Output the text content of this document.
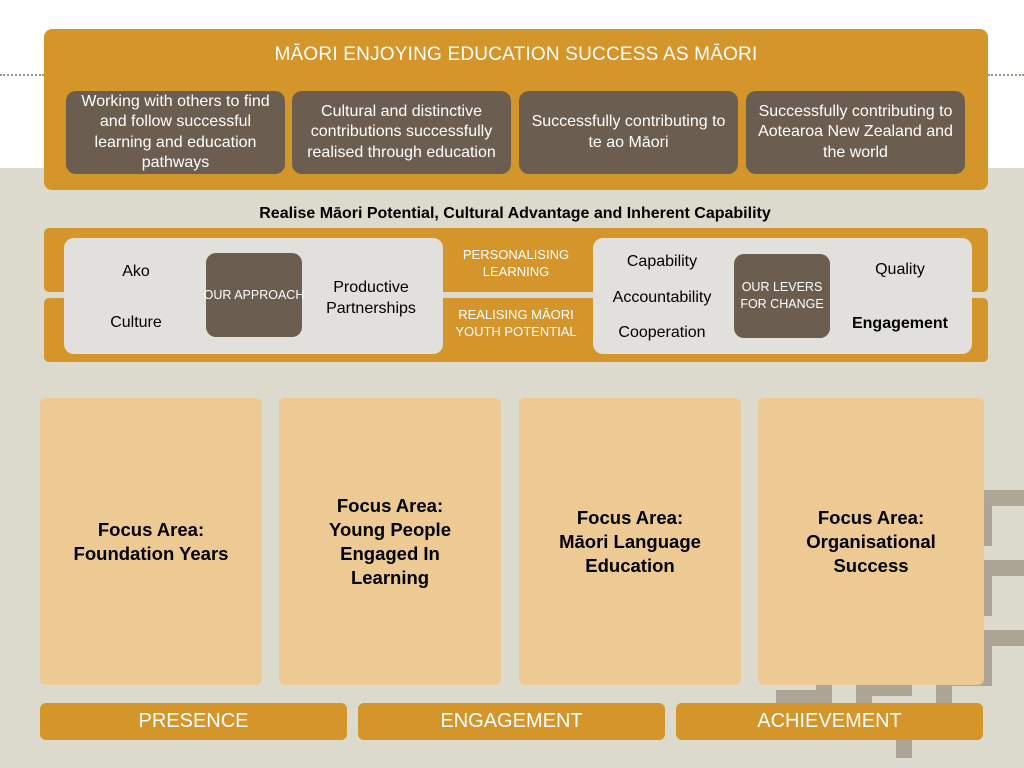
MĀORI ENJOYING EDUCATION SUCCESS AS MĀORI
Working with others to find and follow successful learning and education pathways
Cultural and distinctive contributions successfully realised through education
Successfully contributing to te ao Māori
Successfully contributing to Aotearoa New Zealand and the world
Realise Māori Potential, Cultural Advantage and Inherent Capability
Ako
Culture
Productive Partnerships
OUR APPROACH
PERSONALISING LEARNING
REALISING MĀORI YOUTH POTENTIAL
Capability
Accountability
Cooperation
Quality
Engagement
OUR LEVERS FOR CHANGE
Focus Area:
Foundation Years
Focus Area:
Young People Engaged In Learning
Focus Area:
Māori Language Education
Focus Area:
Organisational Success
PRESENCE	ENGAGEMENT	ACHIEVEMENT
